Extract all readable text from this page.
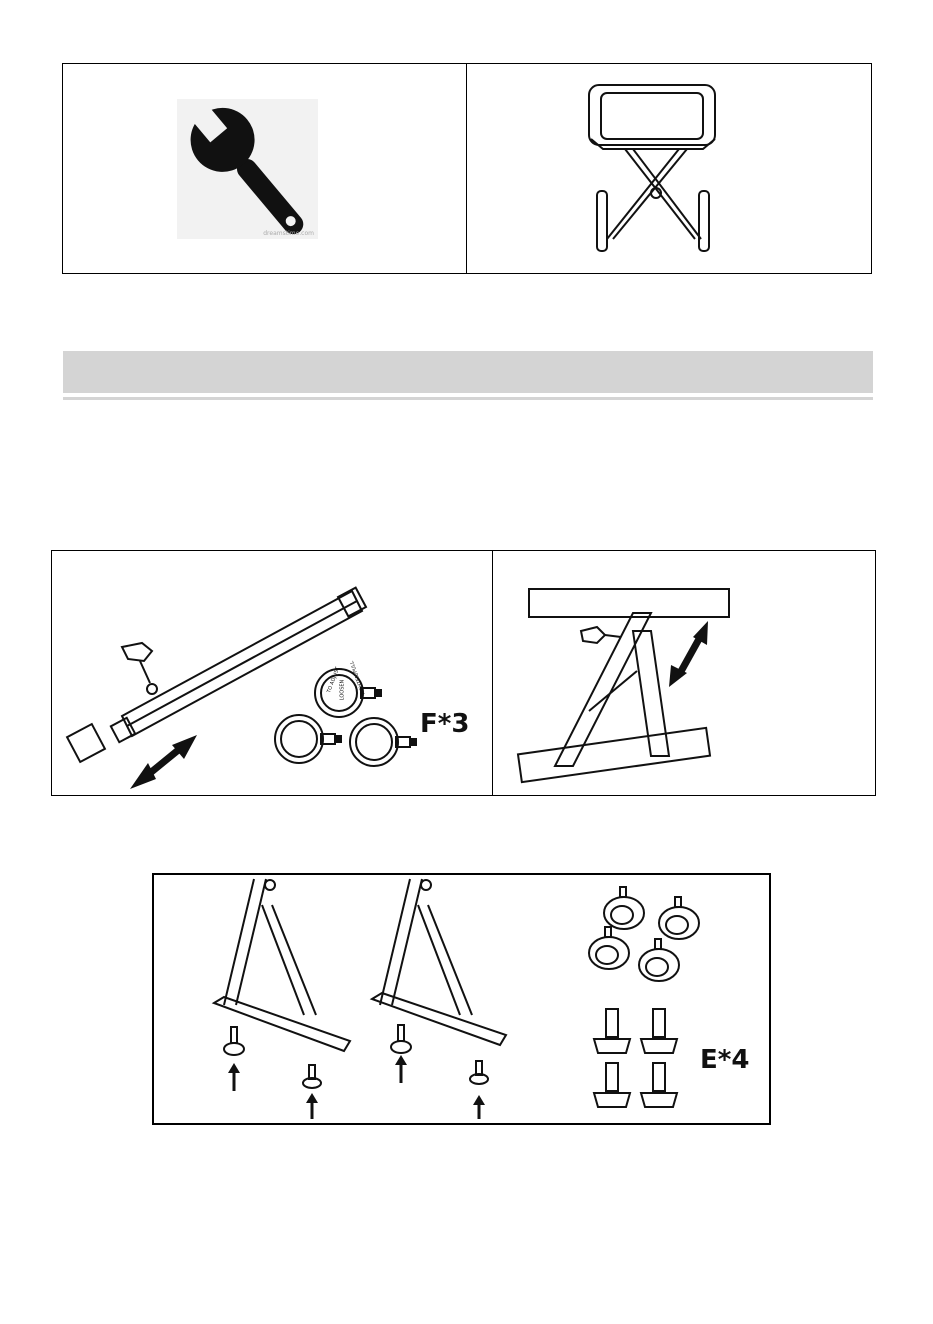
dreamstime.com
TO ADJUST
LOOSEN TIGHTEN/PULL
F*3
E*4
